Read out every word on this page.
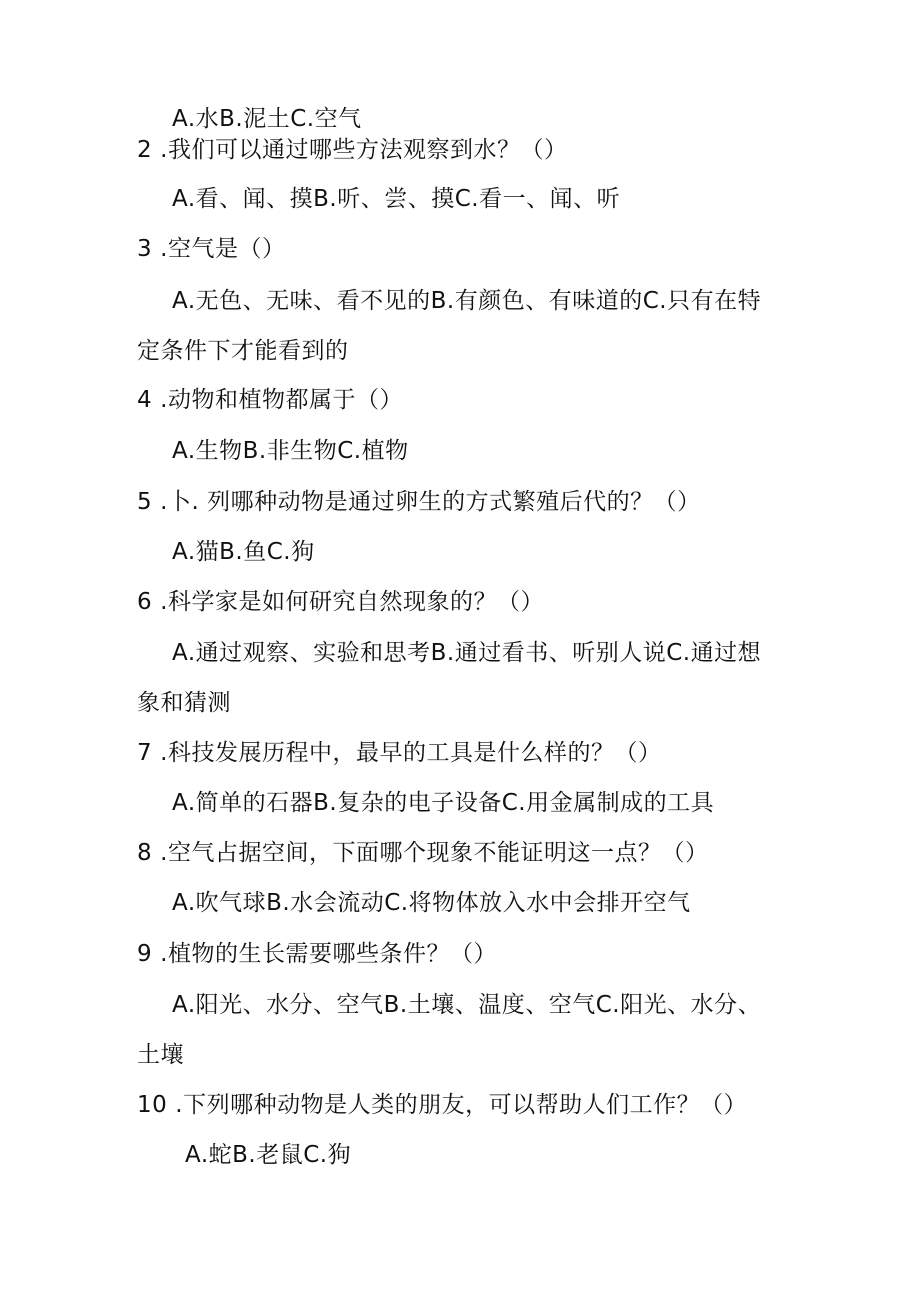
A.水B.泥土C.空气
2 .我们可以通过哪些方法观察到水？（）
A.看、闻、摸B.听、尝、摸C.看一、闻、听
3 .空气是（）
A.无色、无味、看不见的B.有颜色、有味道的C.只有在特
定条件下才能看到的
4 .动物和植物都属于（）
A.生物B.非生物C.植物
5 .卜. 列哪种动物是通过卵生的方式繁殖后代的？（）
A.猫B.鱼C.狗
6 .科学家是如何研究自然现象的？（）
A.通过观察、实验和思考B.通过看书、听别人说C.通过想
象和猜测
7 .科技发展历程中，最早的工具是什么样的？（）
A.简单的石器B.复杂的电子设备C.用金属制成的工具
8 .空气占据空间，下面哪个现象不能证明这一点？（）
A.吹气球B.水会流动C.将物体放入水中会排开空气
9 .植物的生长需要哪些条件？（）
A.阳光、水分、空气B.土壤、温度、空气C.阳光、水分、
土壤
10 .下列哪种动物是人类的朋友，可以帮助人们工作？（）
A.蛇B.老鼠C.狗
